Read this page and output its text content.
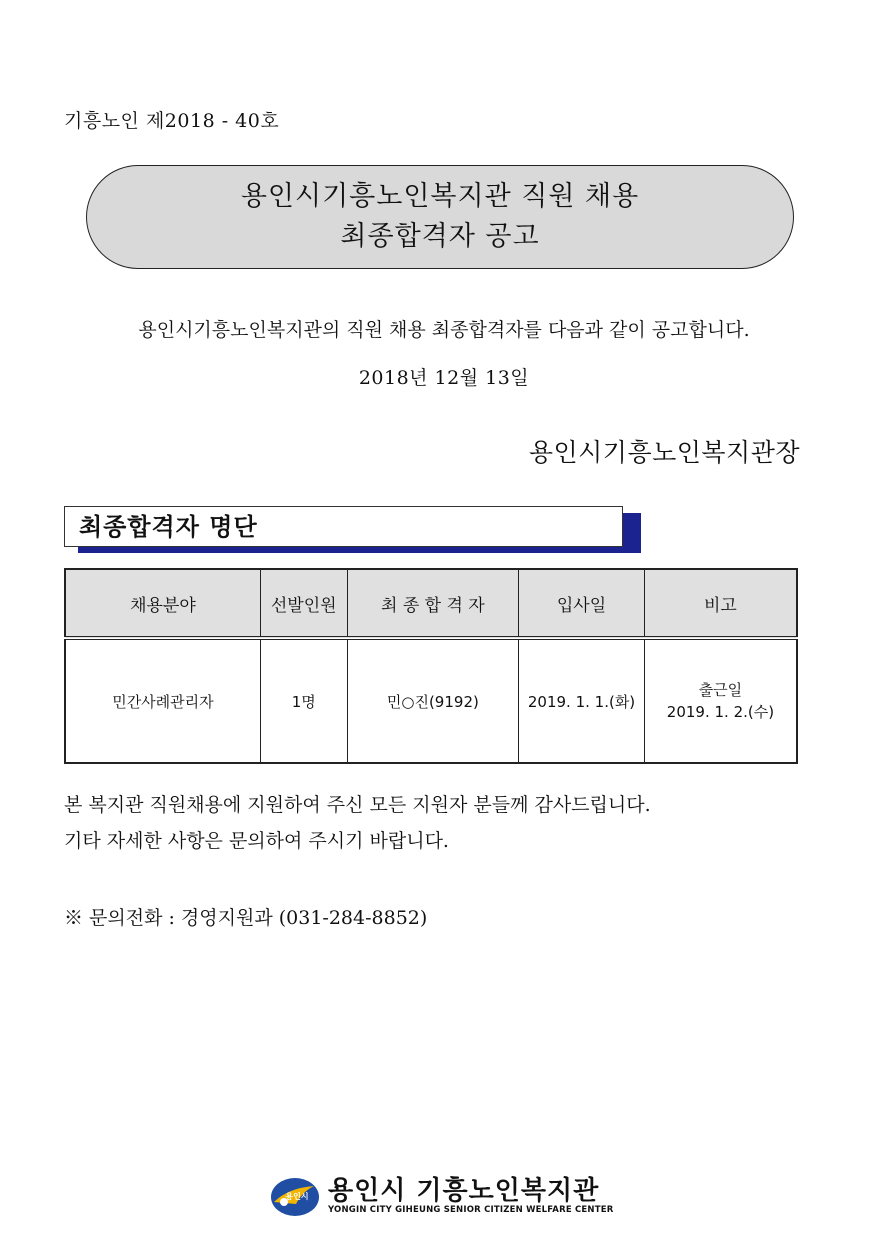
기흥노인 제2018 - 40호
용인시기흥노인복지관 직원 채용
최종합격자 공고
용인시기흥노인복지관의 직원 채용 최종합격자를 다음과 같이 공고합니다.
2018년 12월 13일
용인시기흥노인복지관장
최종합격자 명단
채용분야	선발인원	최 종 합 격 자	입사일	비고
민간사례관리자	1명	민○진(9192)	2019. 1. 1.(화)	출근일
2019. 1. 2.(수)
본 복지관 직원채용에 지원하여 주신 모든 지원자 분들께 감사드립니다.
기타 자세한 사항은 문의하여 주시기 바랍니다.
※ 문의전화 : 경영지원과 (031-284-8852)
용인시 용인시 기흥노인복지관
YONGIN CITY GIHEUNG SENIOR CITIZEN WELFARE CENTER
